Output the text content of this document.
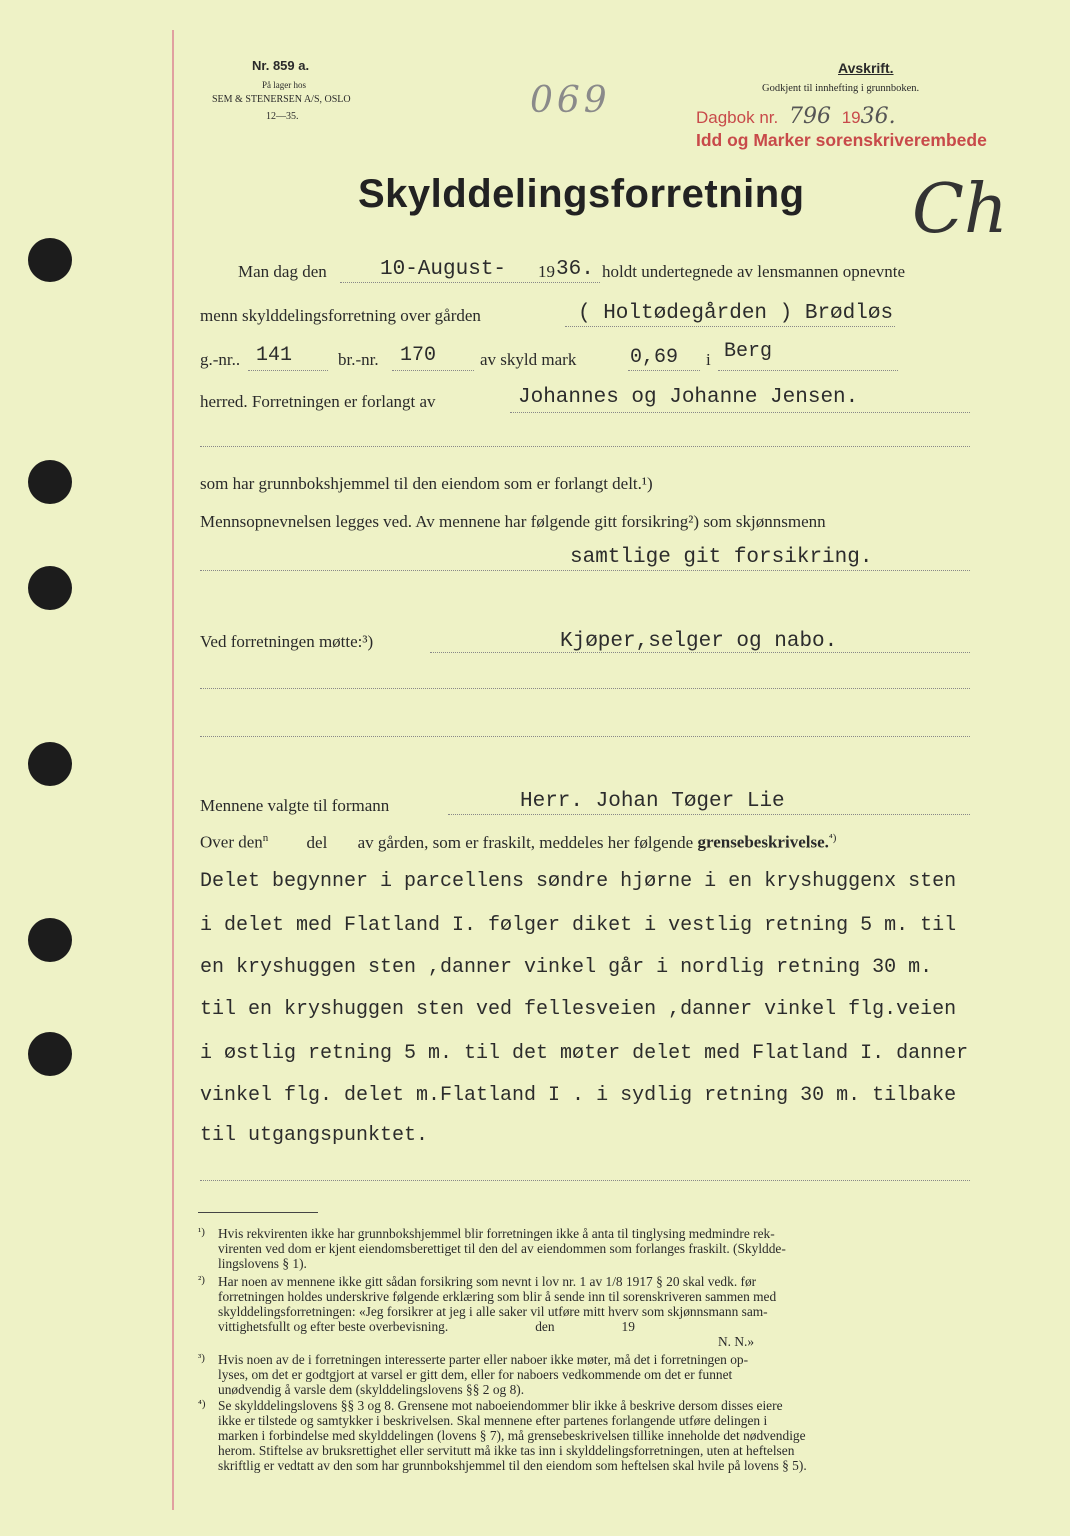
Nr. 859 a.
På lager hos
SEM & STENERSEN A/S, OSLO
12—35.	069
Avskrift.
Godkjent til innhefting i grunnboken.
Dagbok nr. 796 1936.
Idd og Marker sorenskriverembede
Ch
Skylddelingsforretning
Man dag den	10-August- 19 36. holdt undertegnede av lensmannen opnevnte
menn skylddelingsforretning over gården	( Holtødegården ) Brødløs
g.-nr.. 141	br.-nr. 170	av skyld mark	0,69 i Berg
herred. Forretningen er forlangt av	Johannes og Johanne Jensen.
som har grunnbokshjemmel til den eiendom som er forlangt delt.¹)
Mennsopnevnelsen legges ved. Av mennene har følgende gitt forsikring²) som skjønnsmenn
samtlige git forsikring.
Ved forretningen møtte:³)	Kjøper,selger og nabo.
Mennene valgte til formann	Herr. Johan Tøger Lie
Over den$^n$ del av gården, som er fraskilt, meddeles her følgende grensebeskrivelse.$^{^4)}$
Delet begynner i parcellens søndre hjørne i en kryshuggenx sten
i delet med Flatland I. følger diket i vestlig retning 5 m. til
en kryshuggen sten ,danner vinkel går i nordlig retning 30 m.
til en kryshuggen sten ved fellesveien ,danner vinkel flg.veien
i østlig retning 5 m. til det møter delet med Flatland I. danner
vinkel flg. delet m.Flatland I . i sydlig retning 30 m. tilbake
til utgangspunktet.
¹) Hvis rekvirenten ikke har grunnbokshjemmel blir forretningen ikke å anta til tinglysing medmindre rek-
virenten ved dom er kjent eiendomsberettiget til den del av eiendommen som forlanges fraskilt. (Skyldde-
lingslovens § 1).
²) Har noen av mennene ikke gitt sådan forsikring som nevnt i lov nr. 1 av 1/8 1917 § 20 skal vedk. før
forretningen holdes underskrive følgende erklæring som blir å sende inn til sorenskriveren sammen med
skylddelingsforretningen: «Jeg forsikrer at jeg i alle saker vil utføre mitt hverv som skjønnsmann sam-
vittighetsfullt og efter beste overbevisning.                          den                    19
N. N.»
³) Hvis noen av de i forretningen interesserte parter eller naboer ikke møter, må det i forretningen op-
lyses, om det er godtgjort at varsel er gitt dem, eller for naboers vedkommende om det er funnet
unødvendig å varsle dem (skylddelingslovens §§ 2 og 8).
⁴) Se skylddelingslovens §§ 3 og 8. Grensene mot naboeiendommer blir ikke å beskrive dersom disses eiere
ikke er tilstede og samtykker i beskrivelsen. Skal mennene efter partenes forlangende utføre delingen i
marken i forbindelse med skylddelingen (lovens § 7), må grensebeskrivelsen tillike inneholde det nødvendige
herom. Stiftelse av bruksrettighet eller servitutt må ikke tas inn i skylddelingsforretningen, uten at heftelsen
skriftlig er vedtatt av den som har grunnbokshjemmel til den eiendom som heftelsen skal hvile på lovens § 5).
